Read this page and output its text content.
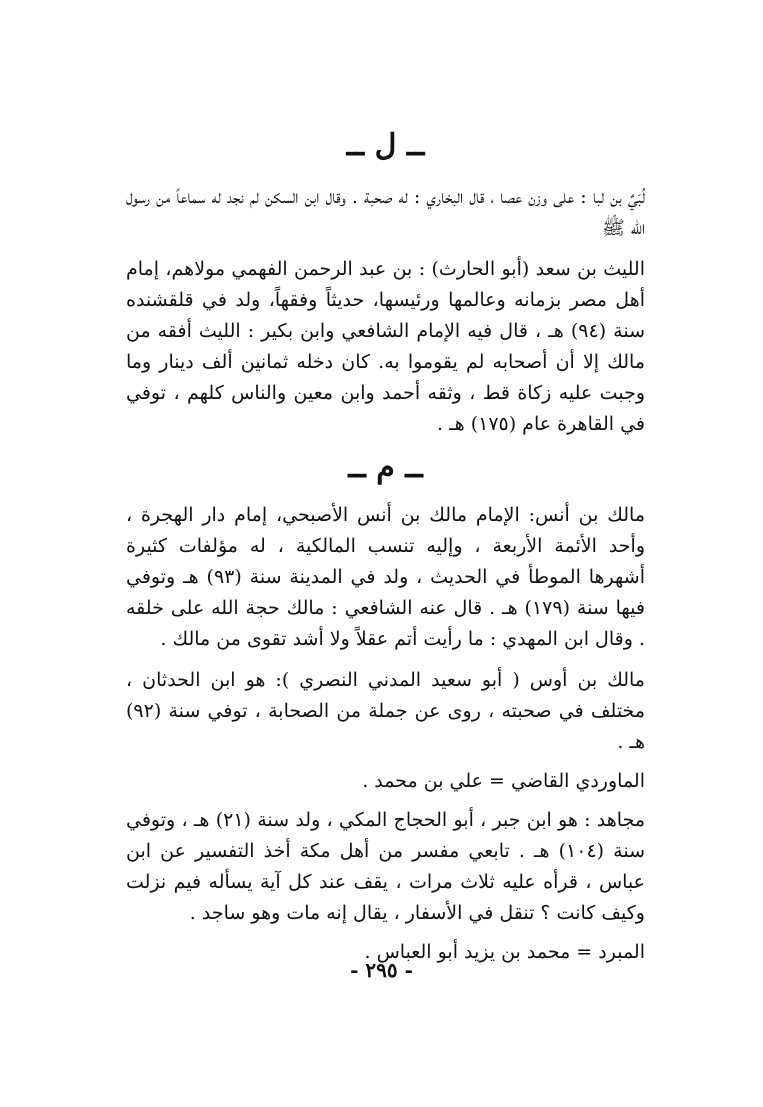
ــ ل ــ

لُبَيٌ بن لبا : على وزن عصا ، قال البخاري : له صحبة . وقال ابن السكن لم نجد له سماعاً من رسول الله ﷺ

الليث بن سعد (أبو الحارث) : بن عبد الرحمن الفهمي مولاهم، إمام أهل مصر بزمانه وعالمها ورئيسها، حديثاً وفقهاً، ولد في قلقشنده سنة (٩٤) هـ ، قال فيه الإمام الشافعي وابن بكير : الليث أفقه من مالك إلا أن أصحابه لم يقوموا به. كان دخله ثمانين ألف دينار وما وجبت عليه زكاة قط ، وثقه أحمد وابن معين والناس كلهم ، توفي في القاهرة عام (١٧٥) هـ .

ــ م ــ

مالك بن أنس: الإمام مالك بن أنس الأصبحي، إمام دار الهجرة ، وأحد الأئمة الأربعة ، وإليه تنسب المالكية ، له مؤلفات كثيرة أشهرها الموطأ في الحديث ، ولد في المدينة سنة (٩٣) هـ وتوفي فيها سنة (١٧٩) هـ . قال عنه الشافعي : مالك حجة الله على خلقه . وقال ابن المهدي : ما رأيت أتم عقلاً ولا أشد تقوى من مالك .

مالك بن أوس ( أبو سعيد المدني النصري ): هو ابن الحدثان ، مختلف في صحبته ، روى عن جملة من الصحابة ، توفي سنة (٩٢) هـ .

الماوردي القاضي = علي بن محمد .

مجاهد : هو ابن جبر ، أبو الحجاج المكي ، ولد سنة (٢١) هـ ، وتوفي سنة (١٠٤) هـ . تابعي مفسر من أهل مكة أخذ التفسير عن ابن عباس ، قرأه عليه ثلاث مرات ، يقف عند كل آية يسأله فيم نزلت وكيف كانت ؟ تنقل في الأسفار ، يقال إنه مات وهو ساجد .

المبرد = محمد بن يزيد أبو العباس .

- ٢٩٥ -
